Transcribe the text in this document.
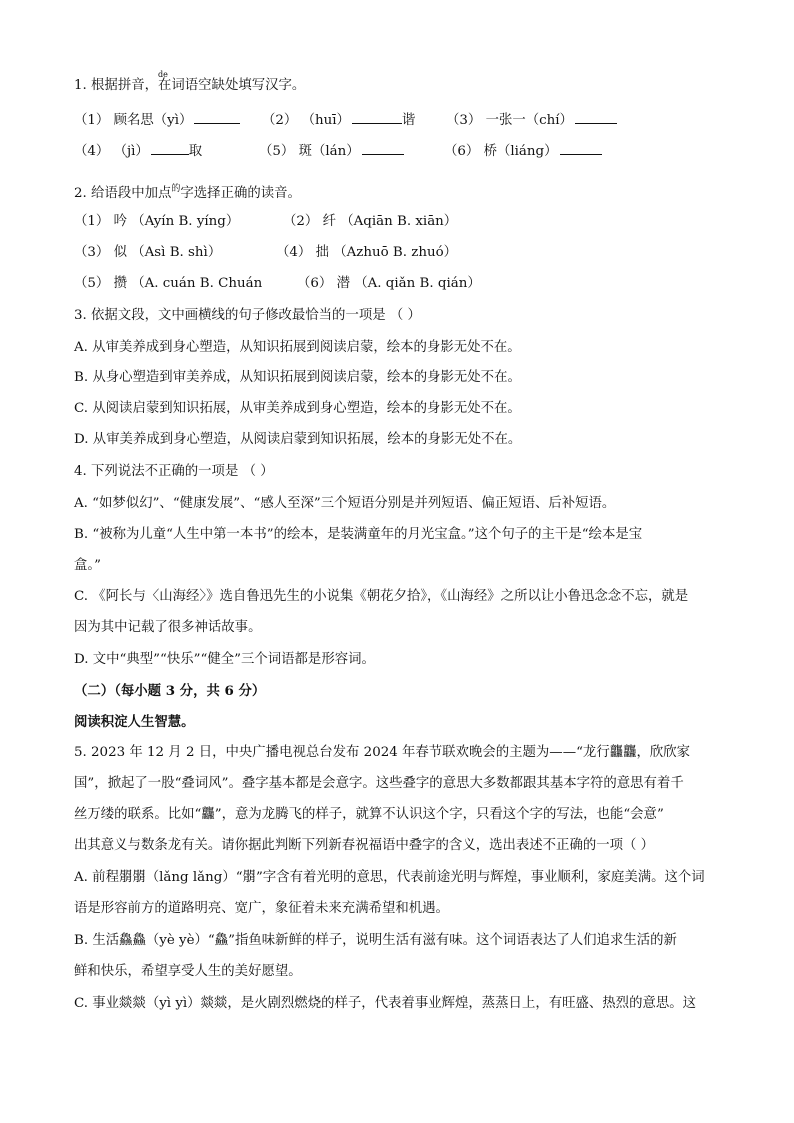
1. 根据拼音，
de
在词语空缺处填写汉字。
（1） 顾名思（yì）	（2） （huī）	谐 （3） 一张一（chí）
（4） （jì）	取	（5） 斑（lán）	（6） 桥（liáng）
2. 给语段中加点$^的$字选择正确的读音。
（1） 吟 （Ayín B. yíng）	（2） 纤 （Aqiān B. xiān）
（3） 似 （Asì B. shì）	（4） 拙 （Azhuō B. zhuó）
（5） 攒 （A. cuán B. Chuán	（6） 潜 （A. qiǎn B. qián）
3. 依据文段，文中画横线的句子修改最恰当的一项是 （ ）
A. 从审美养成到身心塑造，从知识拓展到阅读启蒙，绘本的身影无处不在。
B. 从身心塑造到审美养成，从知识拓展到阅读启蒙，绘本的身影无处不在。
C. 从阅读启蒙到知识拓展，从审美养成到身心塑造，绘本的身影无处不在。
D. 从审美养成到身心塑造，从阅读启蒙到知识拓展，绘本的身影无处不在。
4. 下列说法不正确的一项是 （ ）
A. “如梦似幻”、“健康发展”、“感人至深”三个短语分别是并列短语、偏正短语、后补短语。
B. “被称为儿童“人生中第一本书”的绘本，是装满童年的月光宝盒。”这个句子的主干是“绘本是宝
盒。”
C. 《阿长与〈山海经〉》选自鲁迅先生的小说集《朝花夕拾》，《山海经》之所以让小鲁迅念念不忘，就是
因为其中记载了很多神话故事。
D. 文中“典型”“快乐”“健全”三个词语都是形容词。
（二）（每小题 3 分，共 6 分）
阅读积淀人生智慧。
5. 2023 年 12 月 2 日，中央广播电视总台发布 2024 年春节联欢晚会的主题为——“龙行龘龘，欣欣家
国”，掀起了一股“叠词风”。叠字基本都是会意字。这些叠字的意思大多数都跟其基本字符的意思有着千
丝万缕的联系。比如“龘”，意为龙腾飞的样子，就算不认识这个字，只看这个字的写法，也能“会意”
出其意义与数条龙有关。请你据此判断下列新春祝福语中叠字的含义，选出表述不正确的一项（ ）
A. 前程朤朤（lǎng lǎng）“朤”字含有着光明的意思，代表前途光明与辉煌，事业顺利，家庭美满。这个词
语是形容前方的道路明亮、宽广，象征着未来充满希望和机遇。
B. 生活鱻鱻（yè yè）“鱻”指鱼味新鲜的样子，说明生活有滋有味。这个词语表达了人们追求生活的新
鲜和快乐，希望享受人生的美好愿望。
C. 事业燚燚（yì yì）燚燚，是火剧烈燃烧的样子，代表着事业辉煌，蒸蒸日上，有旺盛、热烈的意思。这
